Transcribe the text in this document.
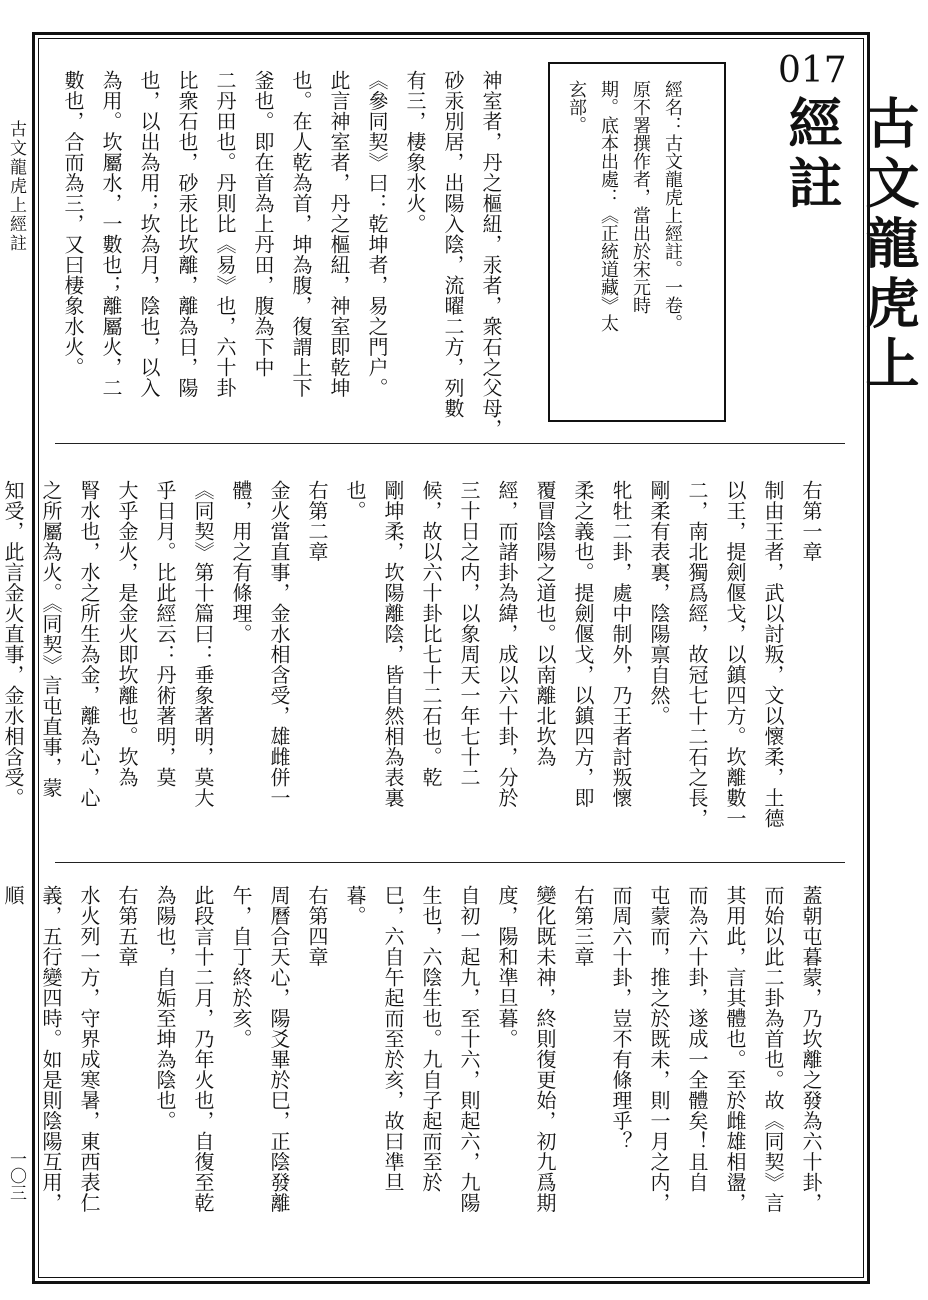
古文龍虎上經註
一〇三
017
古文龍虎上經註
經名：古文龍虎上經註。一卷。
原不署撰作者，當出於宋元時
期。底本出處：《正統道藏》太
玄部。
神室者，丹之樞紐，汞者，衆石之父母，
砂汞別居，出陽入陰，流曜二方，列數
有三，棲象水火。
《參同契》曰：乾坤者，易之門户。
此言神室者，丹之樞紐，神室即乾坤
也。在人乾為首，坤為腹，復謂上下
釜也。即在首為上丹田，腹為下中
二丹田也。丹則比《易》也，六十卦
比衆石也，砂汞比坎離，離為日，陽
也，以出為用；坎為月，陰也，以入
為用。坎屬水，一數也；離屬火，二
數也，合而為三，又曰棲象水火。
右第一章
制由王者，武以討叛，文以懷柔，土德
以王，提劍偃戈，以鎮四方。坎離數一
二，南北獨爲經，故冠七十二石之長，
剛柔有表裏，陰陽禀自然。
牝牡二卦，處中制外，乃王者討叛懷
柔之義也。提劍偃戈，以鎮四方，即
覆冒陰陽之道也。以南離北坎為
經，而諸卦為緯，成以六十卦，分於
三十日之内，以象周天一年七十二
候，故以六十卦比七十二石也。乾
剛坤柔，坎陽離陰，皆自然相為表裏
也。
右第二章
金火當直事，金水相含受，雄雌併一
體，用之有條理。
《同契》第十篇曰：垂象著明，莫大
乎日月。比此經云：丹術著明，莫
大乎金火，是金火即坎離也。坎為
腎水也，水之所生為金，離為心，心
之所屬為火。《同契》言屯直事，蒙
知受，此言金火直事，金水相含受。
蓋朝屯暮蒙，乃坎離之發為六十卦，
而始以此二卦為首也。故《同契》言
其用此，言其體也。至於雌雄相盪，
而為六十卦，遂成一全體矣！且自
屯蒙而，推之於既未，則一月之内，
而周六十卦，豈不有條理乎？
右第三章
變化既未神，終則復更始，初九爲期
度，陽和凖旦暮。
自初一起九，至十六，則起六，九陽
生也，六陰生也。九自子起而至於
巳，六自午起而至於亥，故曰凖旦
暮。
右第四章
周曆合天心，陽爻畢於巳，正陰發離
午，自丁終於亥。
此段言十二月，乃年火也，自復至乾
為陽也，自姤至坤為陰也。
右第五章
水火列一方，守界成寒暑，東西表仁
義，五行變四時。如是則陰陽互用，順
